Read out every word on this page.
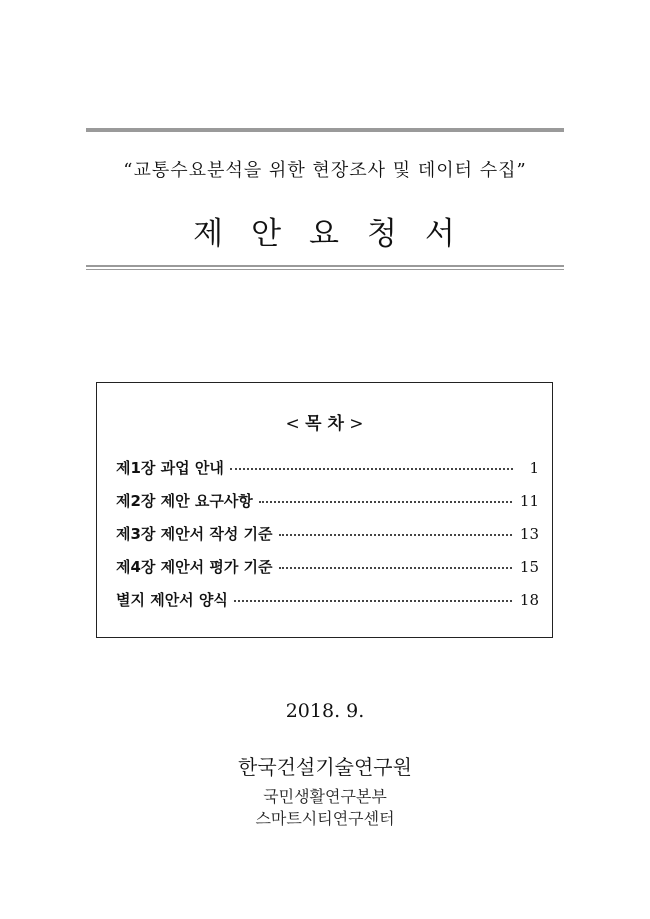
“교통수요분석을 위한 현장조사 및 데이터 수집”
제 안 요 청 서
< 목 차 >
제1장 과업 안내	1
제2장 제안 요구사항	11
제3장 제안서 작성 기준	13
제4장 제안서 평가 기준	15
별지 제안서 양식	18
2018. 9.
한국건설기술연구원
국민생활연구본부
스마트시티연구센터
